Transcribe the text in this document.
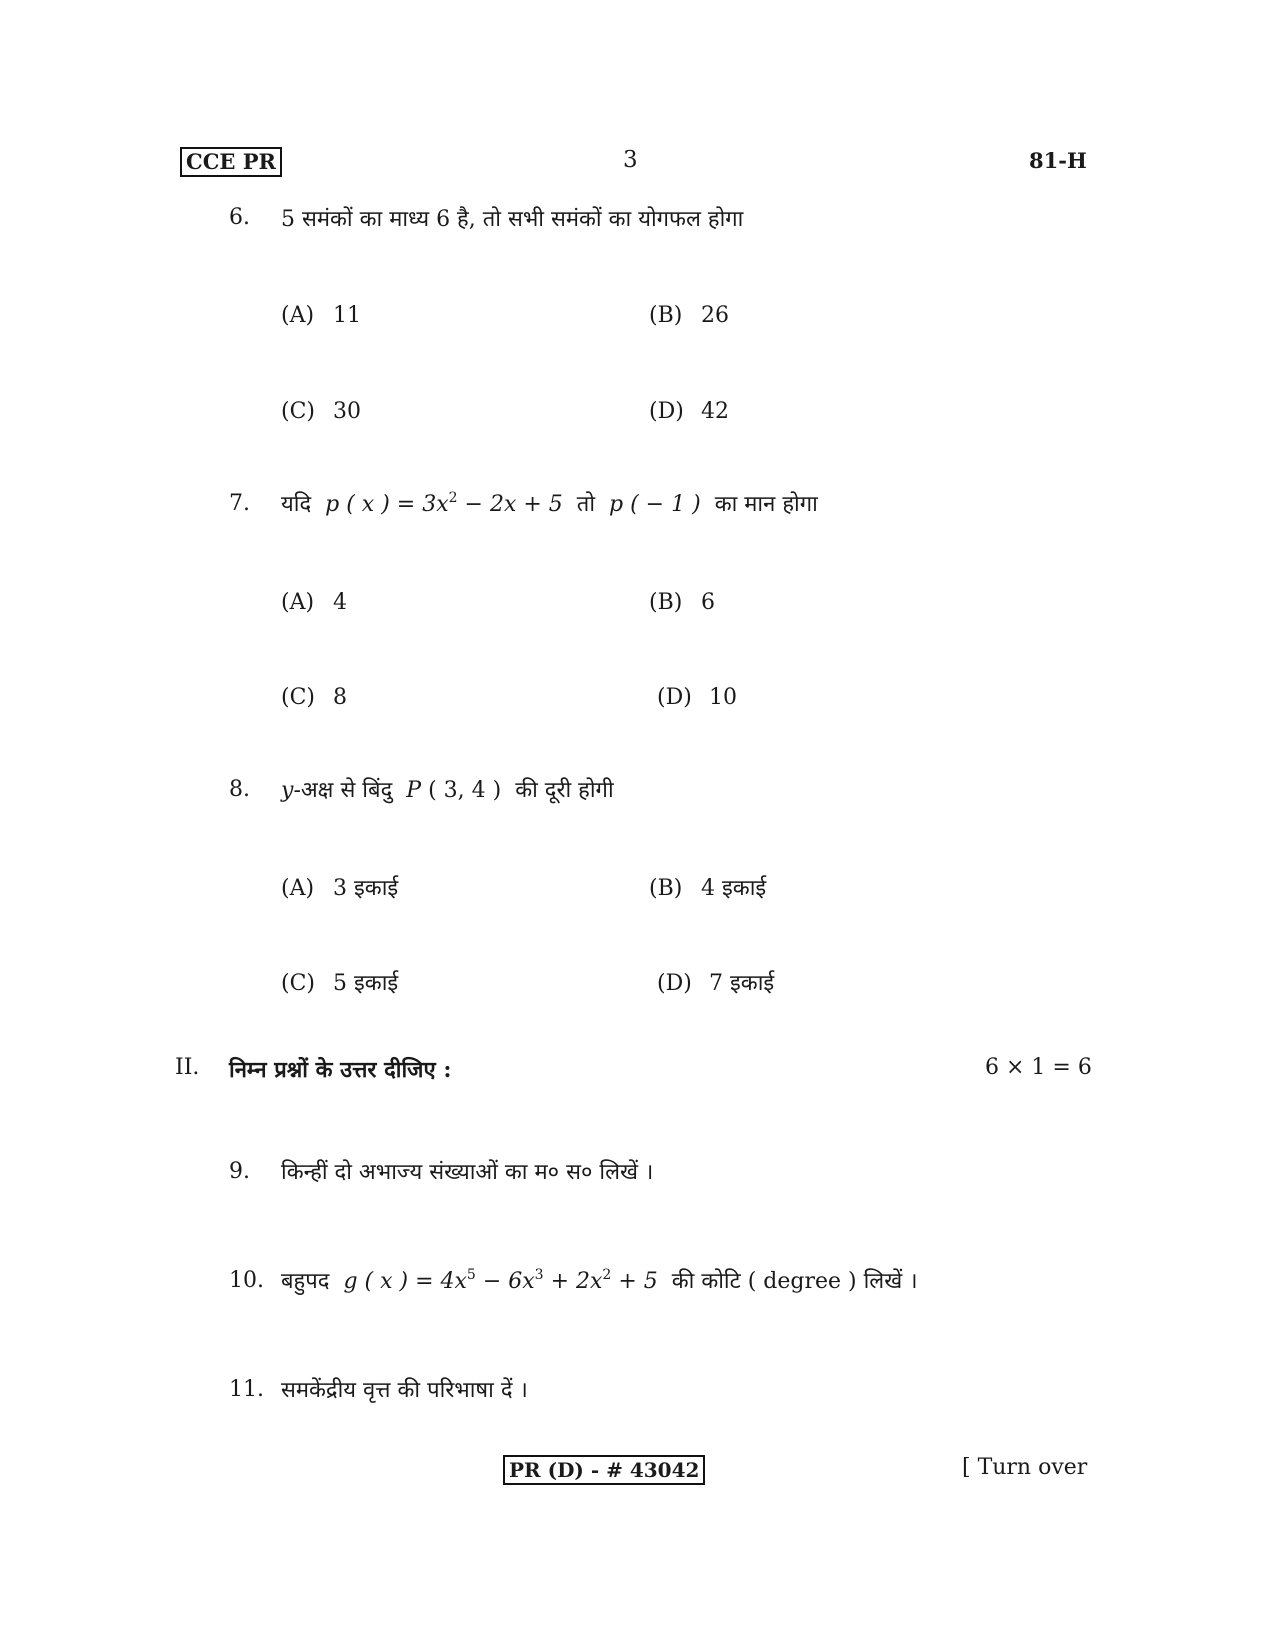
CCE PR	3	81-H
6. 5 समंकों का माध्य 6 है, तो सभी समंकों का योगफल होगा
(A) 11	(B) 26
(C) 30	(D) 42
7. यदि p ( x ) = $3x^2 - 2x + 5$ तो p ( − 1 ) का मान होगा
(A) 4	(B) 6
(C) 8	(D) 10
8. y-अक्ष से बिंदु P ( 3, 4 ) की दूरी होगी
(A) 3 इकाई	(B) 4 इकाई
(C) 5 इकाई	(D) 7 इकाई
II. निम्न प्रश्नों के उत्तर दीजिए :	6 × 1 = 6
9. किन्हीं दो अभाज्य संख्याओं का म० स० लिखें ।
10. बहुपद g ( x ) = $4x^5 - 6x^3 + 2x^2 + 5$ की कोटि ( degree ) लिखें ।
11. समकेंद्रीय वृत्त की परिभाषा दें ।
PR (D) - # 43042	[ Turn over
